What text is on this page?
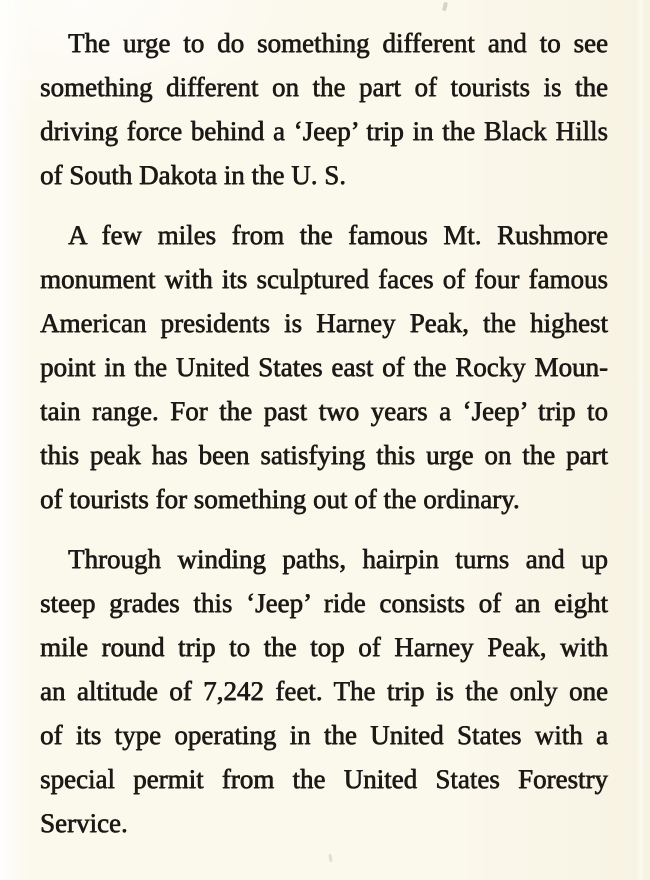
The urge to do something different and to see
something different on the part of tourists is the
driving force behind a ‘Jeep’ trip in the Black Hills
of South Dakota in the U. S.
A few miles from the famous Mt. Rushmore
monument with its sculptured faces of four famous
American presidents is Harney Peak, the highest
point in the United States east of the Rocky Moun-
tain range. For the past two years a ‘Jeep’ trip to
this peak has been satisfying this urge on the part
of tourists for something out of the ordinary.
Through winding paths, hairpin turns and up
steep grades this ‘Jeep’ ride consists of an eight
mile round trip to the top of Harney Peak, with
an altitude of 7,242 feet. The trip is the only one
of its type operating in the United States with a
special permit from the United States Forestry
Service.
